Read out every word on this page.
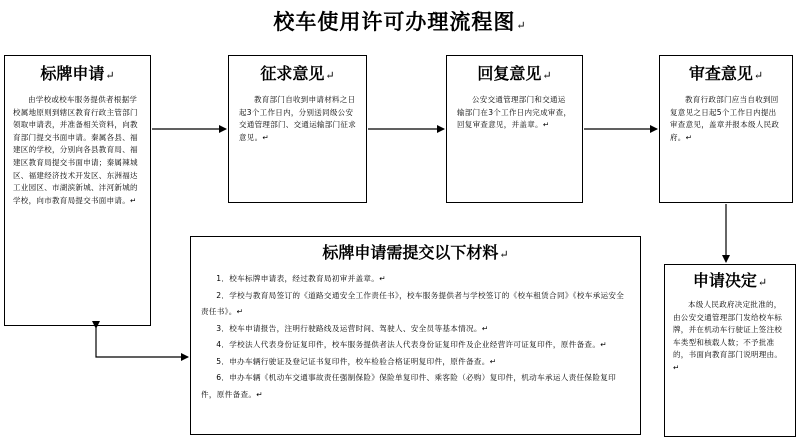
校车使用许可办理流程图↵
标牌申请↵

由学校或校车服务提供者根据学校属地原则到辖区教育行政主管部门领取申请表，并准备相关资料，向教育部门提交书面申请。秦属各县、福建区的学校，分别向各县教育局、福建区教育局提交书面申请；秦属辣城区、福建经济技术开发区、东洲福达工业园区、市湖滨新城、沣河新城的学校，向市教育局提交书面申请。↵

征求意见↵

教育部门自收到申请材料之日起3个工作日内，分别送同级公安交通管理部门、交通运输部门征求意见。↵

回复意见↵

公安交通管理部门和交通运输部门在3个工作日内完成审查，回复审查意见，并盖章。↵

审查意见↵

教育行政部门应当自收到回复意见之日起5个工作日内提出审查意见，盖章并报本级人民政府。↵

标牌申请需提交以下材料↵

1．校车标牌申请表，经过教育局初审并盖章。↵

2．学校与教育局签订的《道路交通安全工作责任书》，校车服务提供者与学校签订的《校车租赁合同》《校车承运安全责任书》。↵

3．校车申请报告，注明行驶路线及运营时间、驾驶人、安全员等基本情况。↵

4．学校法人代表身份证复印件，校车服务提供者法人代表身份证复印件及企业经营许可证复印件，原件备查。↵

5．申办车辆行驶证及登记证书复印件，校车检验合格证明复印件，原件备查。↵

6．申办车辆《机动车交通事故责任强制保险》保险单复印件、乘客险（必购）复印件，机动车承运人责任保险复印件，原件备查。↵

申请决定↵

本级人民政府决定批准的，由公安交通管理部门发给校车标牌，并在机动车行驶证上签注校车类型和核载人数；不予批准的，书面向教育部门说明理由。↵
